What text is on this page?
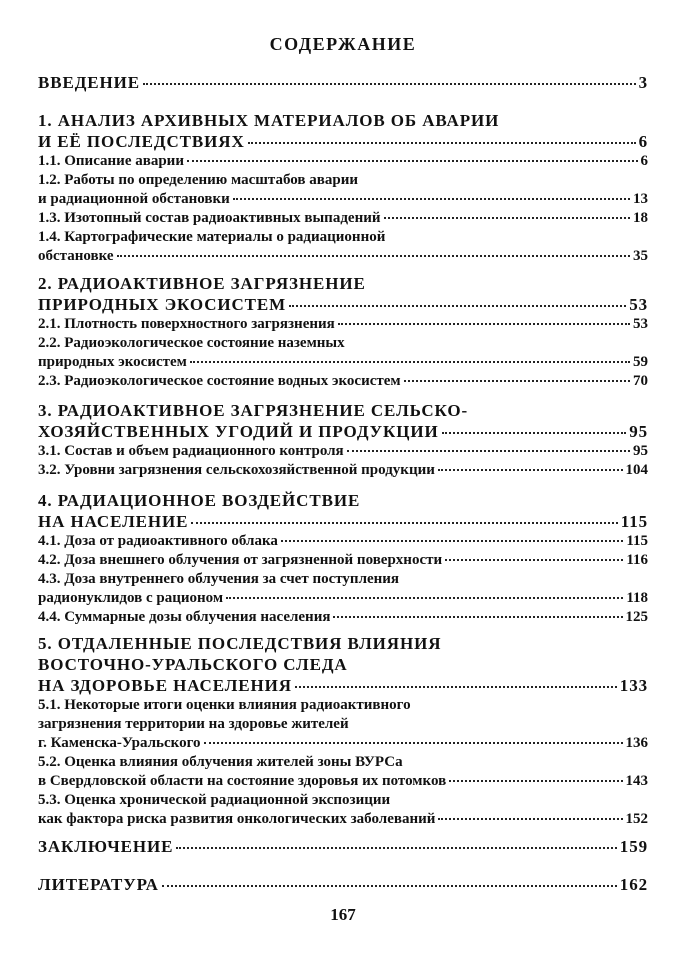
СОДЕРЖАНИЕ
ВВЕДЕНИЕ	3
1. АНАЛИЗ АРХИВНЫХ МАТЕРИАЛОВ ОБ АВАРИИ
И ЕЁ ПОСЛЕДСТВИЯХ	6
1.1. Описание аварии	6
1.2. Работы по определению масштабов аварии
и радиационной обстановки	13
1.3. Изотопный состав радиоактивных выпадений	18
1.4. Картографические материалы о радиационной
обстановке	35
2. РАДИОАКТИВНОЕ ЗАГРЯЗНЕНИЕ
ПРИРОДНЫХ ЭКОСИСТЕМ	53
2.1. Плотность поверхностного загрязнения	53
2.2. Радиоэкологическое состояние наземных
природных экосистем	59
2.3. Радиоэкологическое состояние водных экосистем	70
3. РАДИОАКТИВНОЕ ЗАГРЯЗНЕНИЕ СЕЛЬСКО-
ХОЗЯЙСТВЕННЫХ УГОДИЙ И ПРОДУКЦИИ	95
3.1. Состав и объем радиационного контроля	95
3.2. Уровни загрязнения сельскохозяйственной продукции	104
4. РАДИАЦИОННОЕ ВОЗДЕЙСТВИЕ
НА НАСЕЛЕНИЕ	115
4.1. Доза от радиоактивного облака	115
4.2. Доза внешнего облучения от загрязненной поверхности	116
4.3. Доза внутреннего облучения за счет поступления
радионуклидов с рационом	118
4.4. Суммарные дозы облучения населения	125
5. ОТДАЛЕННЫЕ ПОСЛЕДСТВИЯ ВЛИЯНИЯ
ВОСТОЧНО-УРАЛЬСКОГО СЛЕДА
НА ЗДОРОВЬЕ НАСЕЛЕНИЯ	133
5.1. Некоторые итоги оценки влияния радиоактивного
загрязнения территории на здоровье жителей
г. Каменска-Уральского	136
5.2. Оценка влияния облучения жителей зоны ВУРСа
в Свердловской области на состояние здоровья их потомков	143
5.3. Оценка хронической радиационной экспозиции
как фактора риска развития онкологических заболеваний	152
ЗАКЛЮЧЕНИЕ	159
ЛИТЕРАТУРА	162
167
